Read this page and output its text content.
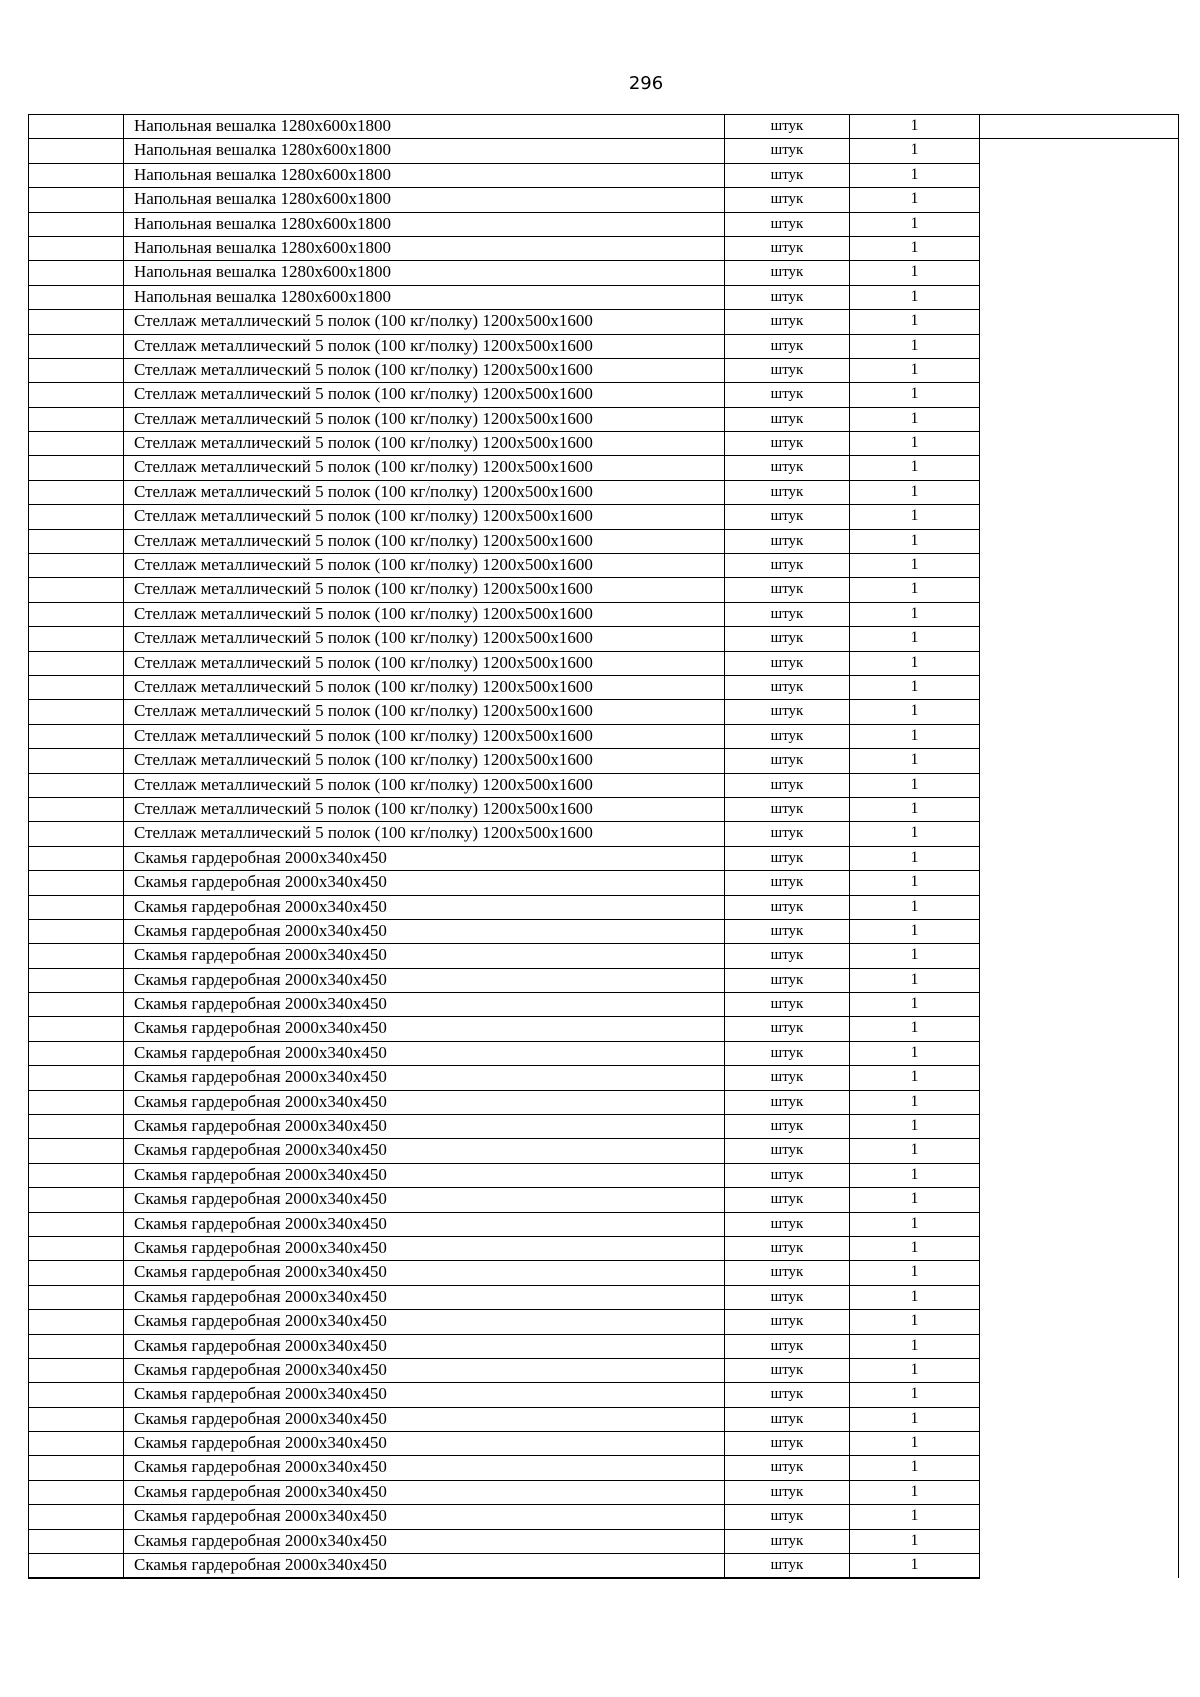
296
	Напольная вешалка 1280х600х1800	штук	1	
	Напольная вешалка 1280х600х1800	штук	1	
	Напольная вешалка 1280х600х1800	штук	1	
	Напольная вешалка 1280х600х1800	штук	1	
	Напольная вешалка 1280х600х1800	штук	1	
	Напольная вешалка 1280х600х1800	штук	1	
	Напольная вешалка 1280х600х1800	штук	1	
	Напольная вешалка 1280х600х1800	штук	1	
	Стеллаж металлический 5 полок (100 кг/полку) 1200х500х1600	штук	1	
	Стеллаж металлический 5 полок (100 кг/полку) 1200х500х1600	штук	1	
	Стеллаж металлический 5 полок (100 кг/полку) 1200х500х1600	штук	1	
	Стеллаж металлический 5 полок (100 кг/полку) 1200х500х1600	штук	1	
	Стеллаж металлический 5 полок (100 кг/полку) 1200х500х1600	штук	1	
	Стеллаж металлический 5 полок (100 кг/полку) 1200х500х1600	штук	1	
	Стеллаж металлический 5 полок (100 кг/полку) 1200х500х1600	штук	1	
	Стеллаж металлический 5 полок (100 кг/полку) 1200х500х1600	штук	1	
	Стеллаж металлический 5 полок (100 кг/полку) 1200х500х1600	штук	1	
	Стеллаж металлический 5 полок (100 кг/полку) 1200х500х1600	штук	1	
	Стеллаж металлический 5 полок (100 кг/полку) 1200х500х1600	штук	1	
	Стеллаж металлический 5 полок (100 кг/полку) 1200х500х1600	штук	1	
	Стеллаж металлический 5 полок (100 кг/полку) 1200х500х1600	штук	1	
	Стеллаж металлический 5 полок (100 кг/полку) 1200х500х1600	штук	1	
	Стеллаж металлический 5 полок (100 кг/полку) 1200х500х1600	штук	1	
	Стеллаж металлический 5 полок (100 кг/полку) 1200х500х1600	штук	1	
	Стеллаж металлический 5 полок (100 кг/полку) 1200х500х1600	штук	1	
	Стеллаж металлический 5 полок (100 кг/полку) 1200х500х1600	штук	1	
	Стеллаж металлический 5 полок (100 кг/полку) 1200х500х1600	штук	1	
	Стеллаж металлический 5 полок (100 кг/полку) 1200х500х1600	штук	1	
	Стеллаж металлический 5 полок (100 кг/полку) 1200х500х1600	штук	1	
	Стеллаж металлический 5 полок (100 кг/полку) 1200х500х1600	штук	1	
	Скамья гардеробная 2000х340х450	штук	1	
	Скамья гардеробная 2000х340х450	штук	1	
	Скамья гардеробная 2000х340х450	штук	1	
	Скамья гардеробная 2000х340х450	штук	1	
	Скамья гардеробная 2000х340х450	штук	1	
	Скамья гардеробная 2000х340х450	штук	1	
	Скамья гардеробная 2000х340х450	штук	1	
	Скамья гардеробная 2000х340х450	штук	1	
	Скамья гардеробная 2000х340х450	штук	1	
	Скамья гардеробная 2000х340х450	штук	1	
	Скамья гардеробная 2000х340х450	штук	1	
	Скамья гардеробная 2000х340х450	штук	1	
	Скамья гардеробная 2000х340х450	штук	1	
	Скамья гардеробная 2000х340х450	штук	1	
	Скамья гардеробная 2000х340х450	штук	1	
	Скамья гардеробная 2000х340х450	штук	1	
	Скамья гардеробная 2000х340х450	штук	1	
	Скамья гардеробная 2000х340х450	штук	1	
	Скамья гардеробная 2000х340х450	штук	1	
	Скамья гардеробная 2000х340х450	штук	1	
	Скамья гардеробная 2000х340х450	штук	1	
	Скамья гардеробная 2000х340х450	штук	1	
	Скамья гардеробная 2000х340х450	штук	1	
	Скамья гардеробная 2000х340х450	штук	1	
	Скамья гардеробная 2000х340х450	штук	1	
	Скамья гардеробная 2000х340х450	штук	1	
	Скамья гардеробная 2000х340х450	штук	1	
	Скамья гардеробная 2000х340х450	штук	1	
	Скамья гардеробная 2000х340х450	штук	1	
	Скамья гардеробная 2000х340х450	штук	1	
